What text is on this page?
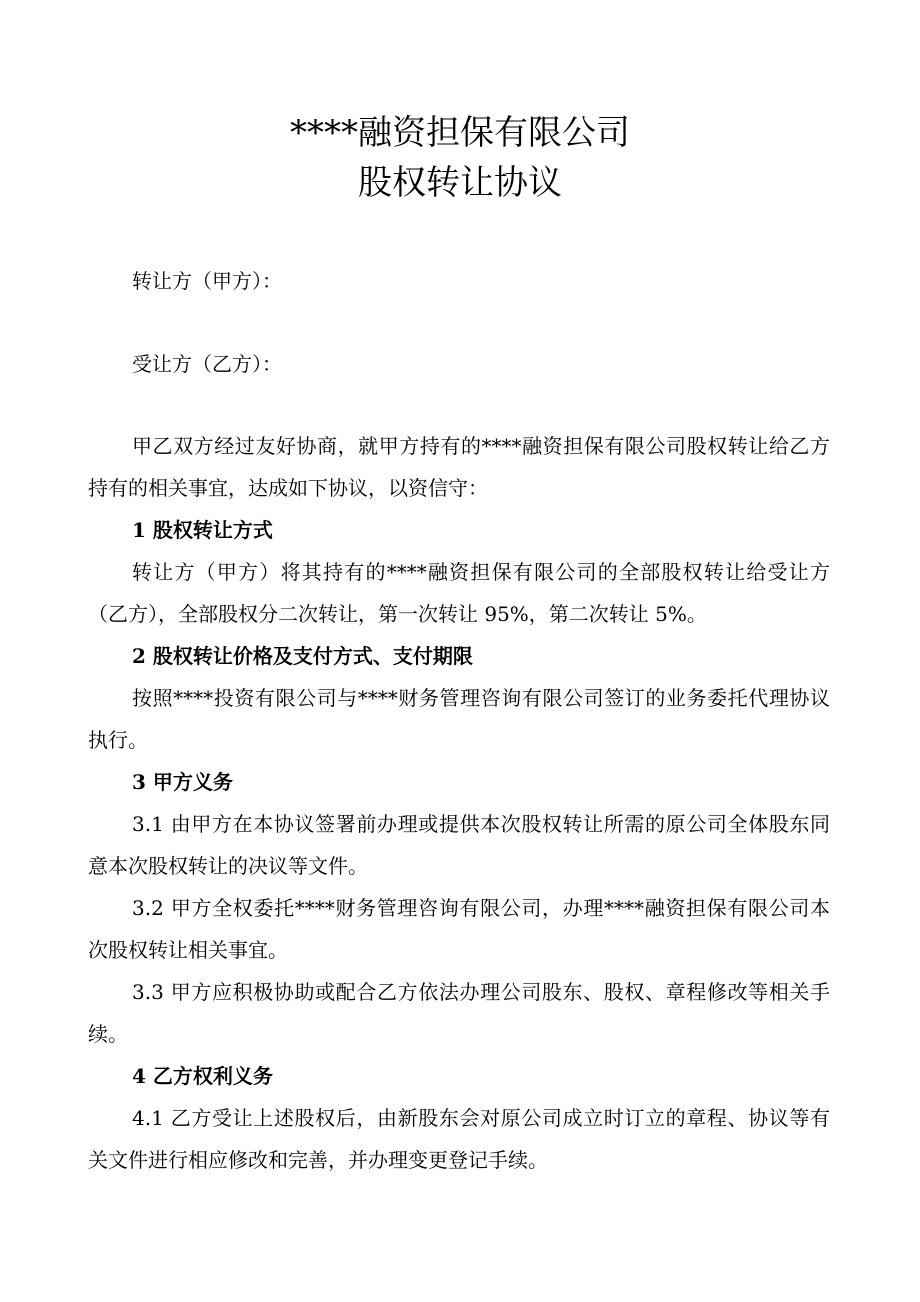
****融资担保有限公司
股权转让协议
转让方（甲方）：
受让方（乙方）：

甲乙双方经过友好协商，就甲方持有的****融资担保有限公司股权转让给乙方持有的相关事宜，达成如下协议，以资信守：

1 股权转让方式

转让方（甲方）将其持有的****融资担保有限公司的全部股权转让给受让方（乙方），全部股权分二次转让，第一次转让 95%，第二次转让 5%。

2 股权转让价格及支付方式、支付期限

按照****投资有限公司与****财务管理咨询有限公司签订的业务委托代理协议执行。

3 甲方义务

3.1 由甲方在本协议签署前办理或提供本次股权转让所需的原公司全体股东同意本次股权转让的决议等文件。

3.2 甲方全权委托****财务管理咨询有限公司，办理****融资担保有限公司本次股权转让相关事宜。

3.3 甲方应积极协助或配合乙方依法办理公司股东、股权、章程修改等相关手续。

4 乙方权利义务

4.1 乙方受让上述股权后，由新股东会对原公司成立时订立的章程、协议等有关文件进行相应修改和完善，并办理变更登记手续。
